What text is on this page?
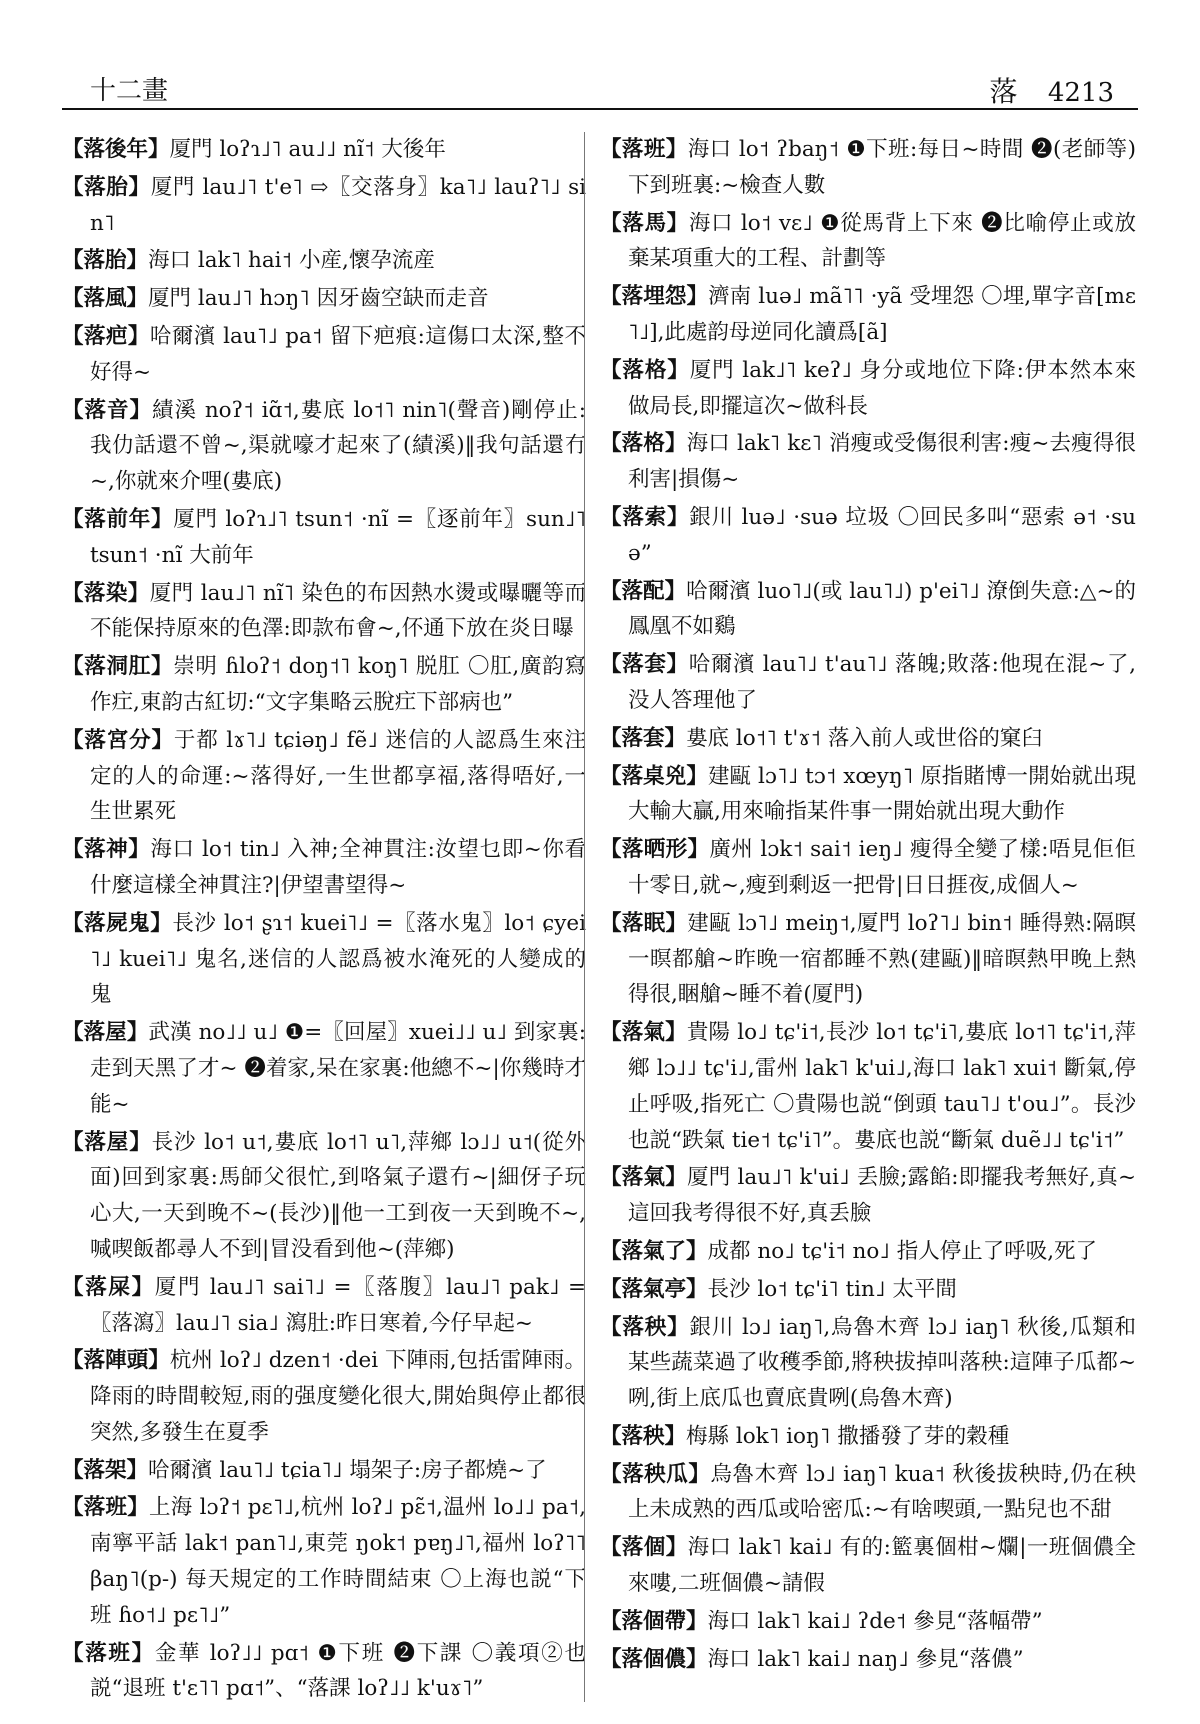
十二畫	落 4213

【落後年】厦門 loʔɿ˩˥ au˩˩ nĩ˦ 大後年

【落胎】厦門 lau˩˥ t'e˥ ⇨〖交落身〗ka˥˩ lauʔ˥˩ sin˥

【落胎】海口 lak˥ hai˦ 小産,懷孕流産

【落風】厦門 lau˩˥ hɔŋ˥ 因牙齒空缺而走音

【落疤】哈爾濱 lau˥˩ pa˦ 留下疤痕:這傷口太深,整不好得~

【落音】績溪 noʔ˦ iɑ̃˦,婁底 lo˦˥ nin˥(聲音)剛停止:我仂話還不曾~,渠就嚎才起來了(績溪)‖我句話還冇~,你就來介哩(婁底)

【落前年】厦門 loʔɿ˩˥ tsun˦ ·nĩ =〖逐前年〗sun˩˥ tsun˦ ·nĩ 大前年

【落染】厦門 lau˩˥ nĩ˥ 染色的布因熱水燙或曝曬等而不能保持原來的色澤:即款布會~,伓通下放在炎日曝

【落洞肛】崇明 ɦloʔ˦ doŋ˦˥ koŋ˥ 脱肛 〇肛,廣韵寫作疘,東韵古紅切:“文字集略云脫疘下部病也”

【落宮分】于都 lɤ˥˩ tɕiəŋ˩ fẽ˩ 迷信的人認爲生來注定的人的命運:~落得好,一生世都享福,落得唔好,一生世累死

【落神】海口 lo˦ tin˩ 入神;全神貫注:汝望乜即~你看什麼這樣全神貫注?|伊望書望得~

【落屍鬼】長沙 lo˦ ʂɿ˦ kuei˥˩ =〖落水鬼〗lo˦ ɕyei˥˩ kuei˥˩ 鬼名,迷信的人認爲被水淹死的人變成的鬼

【落屋】武漢 no˩˩ u˩ ❶=〖回屋〗xuei˩˩ u˩ 到家裏:走到天黑了才~ ❷着家,呆在家裏:他總不~|你幾時才能~

【落屋】長沙 lo˦ u˦,婁底 lo˦˥ u˥,萍鄉 lɔ˩˩ u˦(從外面)回到家裏:馬師父很忙,到咯氣子還冇~|細伢子玩心大,一天到晚不~(長沙)‖他一工到夜一天到晚不~,喊喫飯都尋人不到|冒没看到他~(萍鄉)

【落屎】厦門 lau˩˥ sai˥˩ =〖落腹〗lau˩˥ pak˩ =〖落瀉〗lau˩˥ sia˩ 瀉肚:昨日寒着,今仔早起~

【落陣頭】杭州 loʔ˩ dzen˦ ·dei 下陣雨,包括雷陣雨。降雨的時間較短,雨的强度變化很大,開始與停止都很突然,多發生在夏季

【落架】哈爾濱 lau˥˩ tɕia˥˩ 塌架子:房子都燒~了

【落班】上海 lɔʔ˦ pɛ˥˩,杭州 loʔ˩ pɛ̃˦,温州 lo˩˩ pa˦,南寧平話 lak˦ pan˥˩,東莞 ŋok˦ pɐŋ˩˥,福州 loʔ˥˥ βaŋ˥(p-) 每天規定的工作時間結束 〇上海也説“下班 ɦo˦˩ pɛ˥˩”

【落班】金華 loʔ˩˩ pɑ˦ ❶下班 ❷下課 〇義項②也説“退班 t'ɛ˥˥ pɑ˦”、“落課 loʔ˩˩ k'uɤ˥”

【落班】海口 lo˦ ʔbaŋ˦ ❶下班:每日~時間 ❷(老師等)下到班裏:~檢查人數

【落馬】海口 lo˦ vɛ˩ ❶從馬背上下來 ❷比喻停止或放棄某項重大的工程、計劃等

【落埋怨】濟南 luə˩ mã˥˥ ·yã 受埋怨 〇埋,單字音[mɛ˥˩],此處韵母逆同化讀爲[ã]

【落格】厦門 lak˩˥ keʔ˩ 身分或地位下降:伊本然本來做局長,即擺這次~做科長

【落格】海口 lak˥ kɛ˥ 消瘦或受傷很利害:瘦~去瘦得很利害|損傷~

【落索】銀川 luə˩ ·suə 垃圾 〇回民多叫“惡索 ə˦ ·suə”

【落配】哈爾濱 luo˥˩(或 lau˥˩) p'ei˥˩ 潦倒失意:△~的鳳凰不如鷄

【落套】哈爾濱 lau˥˩ t'au˥˩ 落魄;敗落:他現在混~了,没人答理他了

【落套】婁底 lo˦˥ t'ɤ˦ 落入前人或世俗的窠臼

【落桌兇】建甌 lɔ˥˩ tɔ˦ xœyŋ˥ 原指賭博一開始就出現大輸大贏,用來喻指某件事一開始就出現大動作

【落晒形】廣州 lɔk˦ sai˦ ieŋ˩ 瘦得全變了樣:唔見佢佢十零日,就~,瘦到剩返一把骨|日日捱夜,成個人~

【落眠】建甌 lɔ˥˩ meiŋ˦,厦門 loʔ˥˩ bin˦ 睡得熟:隔暝一暝都艙~昨晚一宿都睡不熟(建甌)‖暗暝熱甲晚上熱得很,睏艙~睡不着(厦門)

【落氣】貴陽 lo˩ tɕ'i˦,長沙 lo˦ tɕ'i˥,婁底 lo˦˥ tɕ'i˦,萍鄉 lɔ˩˩ tɕ'i˩,雷州 lak˥ k'ui˩,海口 lak˥ xui˦ 斷氣,停止呼吸,指死亡 〇貴陽也説“倒頭 tau˥˩ t'ou˩”。長沙也説“跌氣 tie˦ tɕ'i˥”。婁底也説“斷氣 duẽ˩˩ tɕ'i˦”

【落氣】厦門 lau˩˥ k'ui˩ 丢臉;露餡:即擺我考無好,真~這回我考得很不好,真丢臉

【落氣了】成都 no˩ tɕ'i˦ no˩ 指人停止了呼吸,死了

【落氣亭】長沙 lo˦ tɕ'i˥ tin˩ 太平間

【落秧】銀川 lɔ˩ iaŋ˥,烏魯木齊 lɔ˩ iaŋ˥ 秋後,瓜類和某些蔬菜過了收穫季節,將秧拔掉叫落秧:這陣子瓜都~咧,街上底瓜也賣底貴咧(烏魯木齊)

【落秧】梅縣 lok˥ ioŋ˥ 撒播發了芽的穀種

【落秧瓜】烏魯木齊 lɔ˩ iaŋ˥ kua˦ 秋後拔秧時,仍在秧上未成熟的西瓜或哈密瓜:~有啥喫頭,一點兒也不甜

【落個】海口 lak˥ kai˩ 有的:籃裏個柑~爛|一班個儂全來嘍,二班個儂~請假

【落個帶】海口 lak˥ kai˩ ʔde˦ 參見“落幅帶”

【落個儂】海口 lak˥ kai˩ naŋ˩ 參見“落儂”
